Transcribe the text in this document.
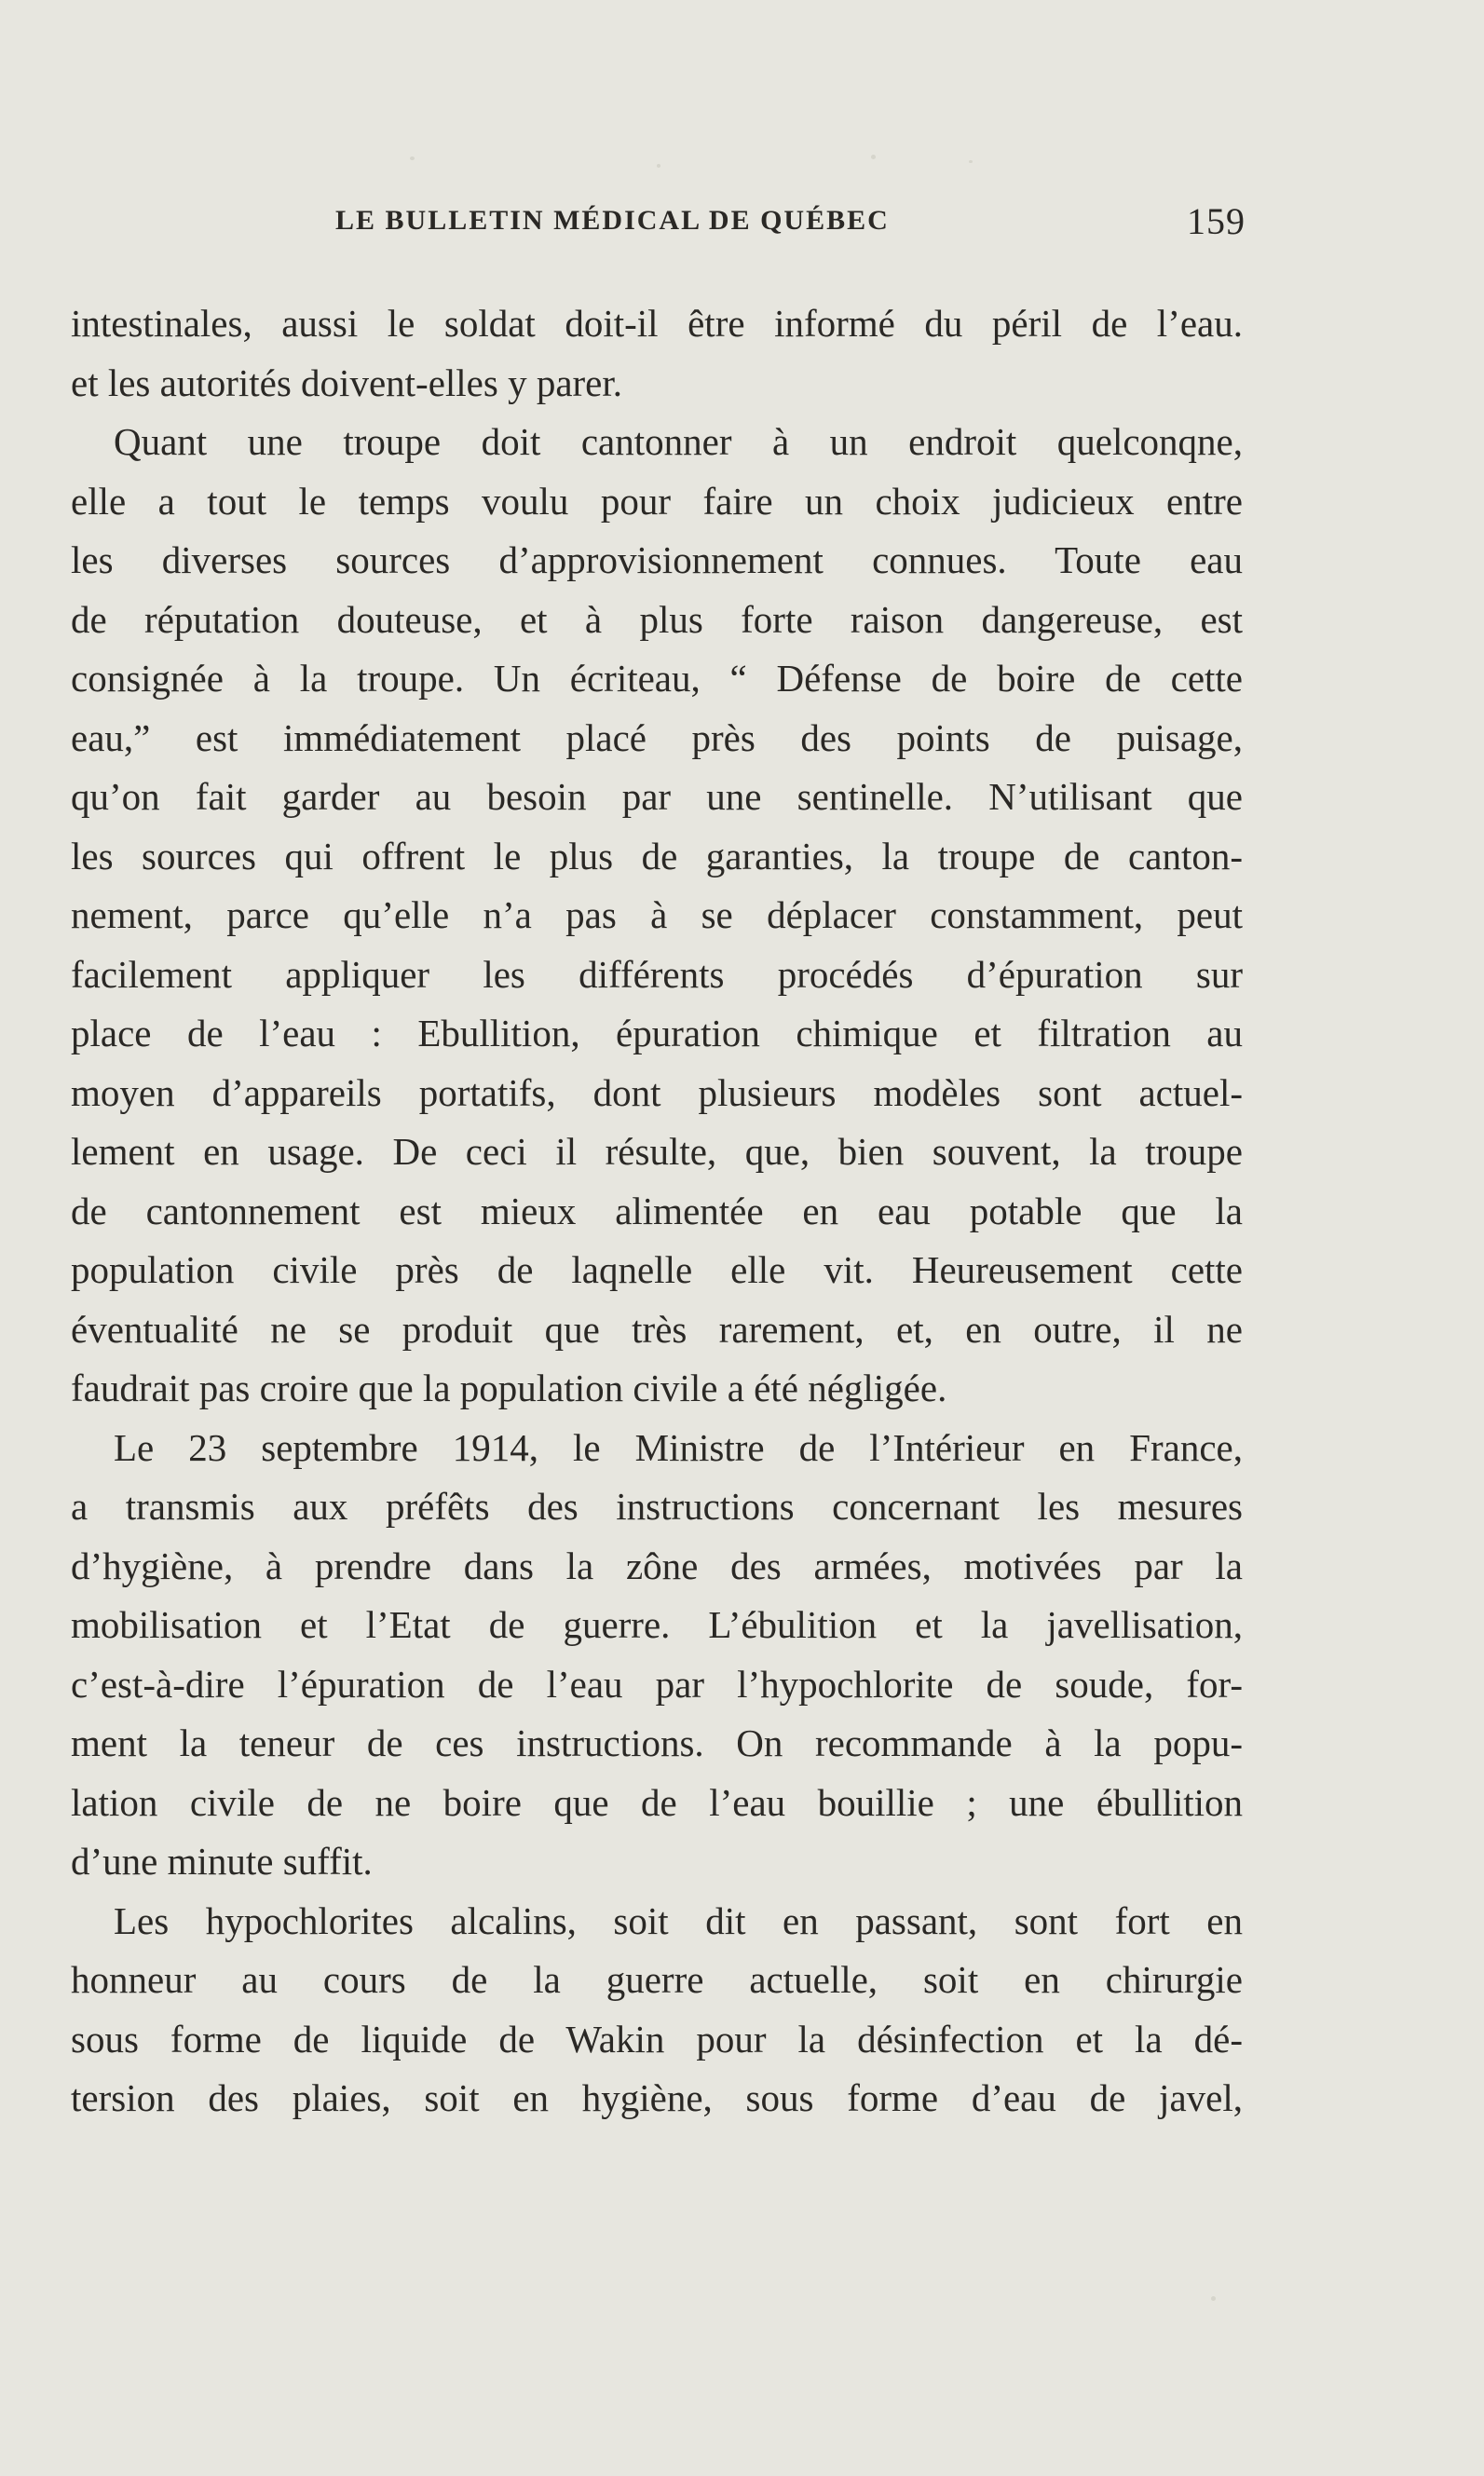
LE BULLETIN MÉDICAL DE QUÉBEC	159

intestinales, aussi le soldat doit-il être informé du péril de l’eau.
et les autorités doivent-elles y parer.

Quant une troupe doit cantonner à un endroit quelconqne,
elle a tout le temps voulu pour faire un choix judicieux entre
les diverses sources d’approvisionnement connues. Toute eau
de réputation douteuse, et à plus forte raison dangereuse, est
consignée à la troupe. Un écriteau, “ Défense de boire de cette
eau,” est immédiatement placé près des points de puisage,
qu’on fait garder au besoin par une sentinelle. N’utilisant que
les sources qui offrent le plus de garanties, la troupe de canton-
nement, parce qu’elle n’a pas à se déplacer constamment, peut
facilement appliquer les différents procédés d’épuration sur
place de l’eau : Ebullition, épuration chimique et filtration au
moyen d’appareils portatifs, dont plusieurs modèles sont actuel-
lement en usage. De ceci il résulte, que, bien souvent, la troupe
de cantonnement est mieux alimentée en eau potable que la
population civile près de laqnelle elle vit. Heureusement cette
éventualité ne se produit que très rarement, et, en outre, il ne
faudrait pas croire que la population civile a été négligée.

Le 23 septembre 1914, le Ministre de l’Intérieur en France,
a transmis aux préfêts des instructions concernant les mesures
d’hygiène, à prendre dans la zône des armées, motivées par la
mobilisation et l’Etat de guerre. L’ébulition et la javellisation,
c’est-à-dire l’épuration de l’eau par l’hypochlorite de soude, for-
ment la teneur de ces instructions. On recommande à la popu-
lation civile de ne boire que de l’eau bouillie ; une ébullition
d’une minute suffit.

Les hypochlorites alcalins, soit dit en passant, sont fort en
honneur au cours de la guerre actuelle, soit en chirurgie
sous forme de liquide de Wakin pour la désinfection et la dé-
tersion des plaies, soit en hygiène, sous forme d’eau de javel,
